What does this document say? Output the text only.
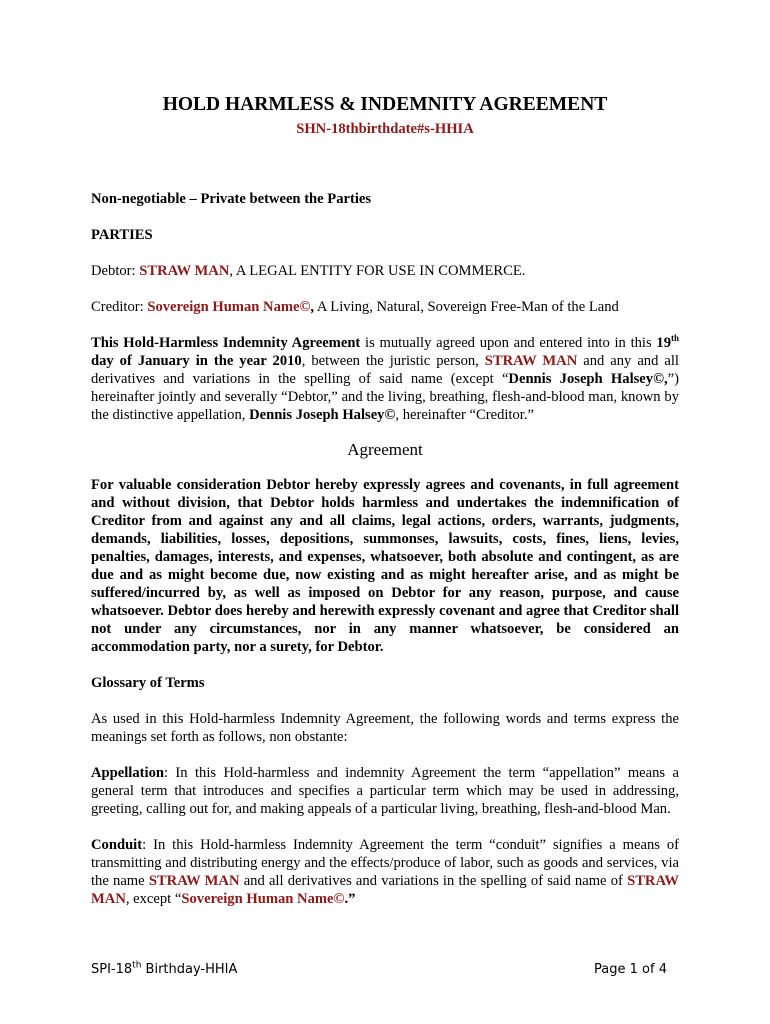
HOLD HARMLESS & INDEMNITY AGREEMENT

SHN-18thbirthdate#s-HHIA

Non-negotiable – Private between the Parties

PARTIES

Debtor: STRAW MAN, A LEGAL ENTITY FOR USE IN COMMERCE.

Creditor: Sovereign Human Name©, A Living, Natural, Sovereign Free-Man of the Land

This Hold-Harmless Indemnity Agreement is mutually agreed upon and entered into in this 19th day of January in the year 2010, between the juristic person, STRAW MAN and any and all derivatives and variations in the spelling of said name (except “Dennis Joseph Halsey©,”) hereinafter jointly and severally “Debtor,” and the living, breathing, flesh-and-blood man, known by the distinctive appellation, Dennis Joseph Halsey©, hereinafter “Creditor.”

Agreement

For valuable consideration Debtor hereby expressly agrees and covenants, in full agreement and without division, that Debtor holds harmless and undertakes the indemnification of Creditor from and against any and all claims, legal actions, orders, warrants, judgments, demands, liabilities, losses, depositions, summonses, lawsuits, costs, fines, liens, levies, penalties, damages, interests, and expenses, whatsoever, both absolute and contingent, as are due and as might become due, now existing and as might hereafter arise, and as might be suffered/incurred by, as well as imposed on Debtor for any reason, purpose, and cause whatsoever. Debtor does hereby and herewith expressly covenant and agree that Creditor shall not under any circumstances, nor in any manner whatsoever, be considered an accommodation party, nor a surety, for Debtor.

Glossary of Terms

As used in this Hold-harmless Indemnity Agreement, the following words and terms express the meanings set forth as follows, non obstante:

Appellation: In this Hold-harmless and indemnity Agreement the term “appellation” means a general term that introduces and specifies a particular term which may be used in addressing, greeting, calling out for, and making appeals of a particular living, breathing, flesh-and-blood Man.

Conduit: In this Hold-harmless Indemnity Agreement the term “conduit” signifies a means of transmitting and distributing energy and the effects/produce of labor, such as goods and services, via the name STRAW MAN and all derivatives and variations in the spelling of said name of STRAW MAN, except “Sovereign Human Name©.”

SPI-18th Birthday-HHIA	Page 1 of 4
